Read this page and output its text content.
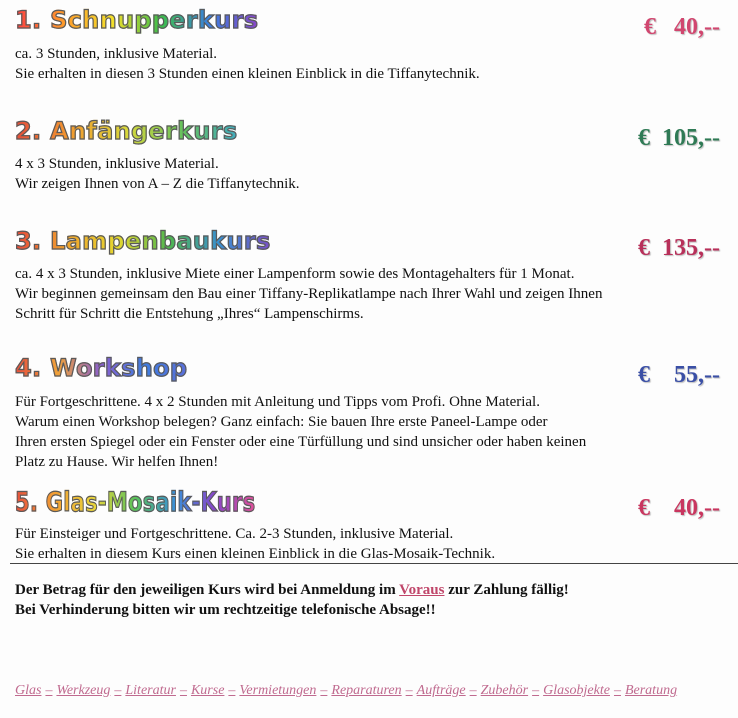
1. Schnupperkurs	€   40,--
ca. 3 Stunden, inklusive Material.
Sie erhalten in diesen 3 Stunden einen kleinen Einblick in die Tiffanytechnik.
2. Anfängerkurs	€  105,--
4 x 3 Stunden, inklusive Material.
Wir zeigen Ihnen von A – Z die Tiffanytechnik.
3. Lampenbaukurs	€  135,--
ca. 4 x 3 Stunden, inklusive Miete einer Lampenform sowie des Montagehalters für 1 Monat.
Wir beginnen gemeinsam den Bau einer Tiffany-Replikatlampe nach Ihrer Wahl und zeigen Ihnen
Schritt für Schritt die Entstehung „Ihres“ Lampenschirms.
4. Workshop	€    55,--
Für Fortgeschrittene. 4 x 2 Stunden mit Anleitung und Tipps vom Profi. Ohne Material.
Warum einen Workshop belegen? Ganz einfach: Sie bauen Ihre erste Paneel-Lampe oder
Ihren ersten Spiegel oder ein Fenster oder eine Türfüllung und sind unsicher oder haben keinen
Platz zu Hause. Wir helfen Ihnen!
5. Glas-Mosaik-Kurs	€    40,--
Für Einsteiger und Fortgeschrittene. Ca. 2-3 Stunden, inklusive Material.
Sie erhalten in diesem Kurs einen kleinen Einblick in die Glas-Mosaik-Technik.
Der Betrag für den jeweiligen Kurs wird bei Anmeldung im Voraus zur Zahlung fällig!
Bei Verhinderung bitten wir um rechtzeitige telefonische Absage!!
Glas – Werkzeug – Literatur – Kurse – Vermietungen – Reparaturen – Aufträge – Zubehör – Glasobjekte – Beratung
